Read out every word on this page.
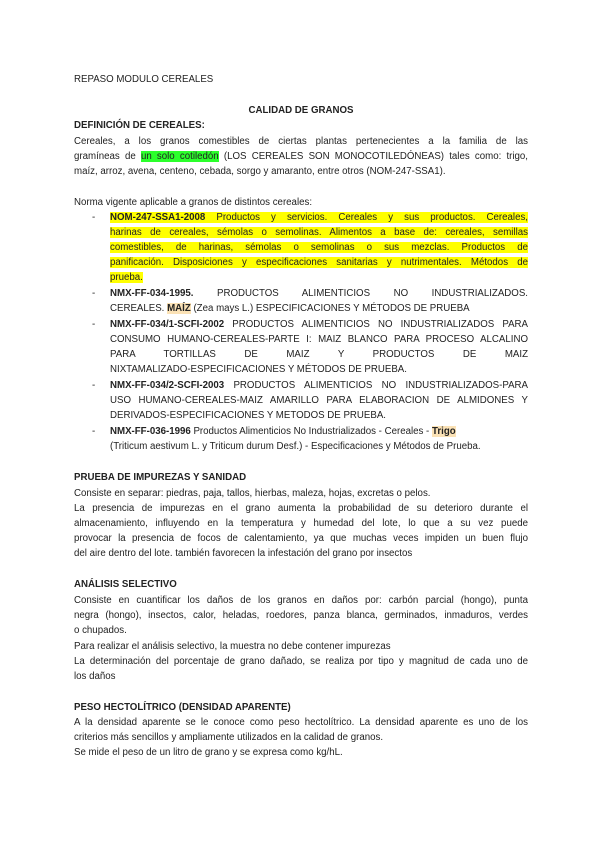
REPASO MODULO CEREALES
CALIDAD DE GRANOS
DEFINICIÓN DE CEREALES:
Cereales, a los granos comestibles de ciertas plantas pertenecientes a la familia de las
gramíneas de un solo cotiledón (LOS CEREALES SON MONOCOTILEDÓNEAS) tales como: trigo,
maíz, arroz, avena, centeno, cebada, sorgo y amaranto, entre otros (NOM-247-SSA1).
Norma vigente aplicable a granos de distintos cereales:
- NOM-247-SSA1-2008 Productos y servicios. Cereales y sus productos. Cereales,
harinas de cereales, sémolas o semolinas. Alimentos a base de: cereales, semillas
comestibles, de harinas, sémolas o semolinas o sus mezclas. Productos de
panificación. Disposiciones y especificaciones sanitarias y nutrimentales. Métodos de
prueba.
- NMX-FF-034-1995. PRODUCTOS ALIMENTICIOS NO INDUSTRIALIZADOS.
CEREALES. MAÍZ (Zea mays L.) ESPECIFICACIONES Y MÉTODOS DE PRUEBA
- NMX-FF-034/1-SCFI-2002 PRODUCTOS ALIMENTICIOS NO INDUSTRIALIZADOS PARA
CONSUMO HUMANO-CEREALES-PARTE I: MAIZ BLANCO PARA PROCESO ALCALINO
PARA TORTILLAS DE MAIZ Y PRODUCTOS DE MAIZ
NIXTAMALIZADO-ESPECIFICACIONES Y MÉTODOS DE PRUEBA.
- NMX-FF-034/2-SCFI-2003 PRODUCTOS ALIMENTICIOS NO INDUSTRIALIZADOS-PARA
USO HUMANO-CEREALES-MAIZ AMARILLO PARA ELABORACION DE ALMIDONES Y
DERIVADOS-ESPECIFICACIONES Y METODOS DE PRUEBA.
- NMX-FF-036-1996 Productos Alimenticios No Industrializados - Cereales - Trigo
(Triticum aestivum L. y Triticum durum Desf.) - Especificaciones y Métodos de Prueba.
PRUEBA DE IMPUREZAS Y SANIDAD
Consiste en separar: piedras, paja, tallos, hierbas, maleza, hojas, excretas o pelos.
La presencia de impurezas en el grano aumenta la probabilidad de su deterioro durante el
almacenamiento, influyendo en la temperatura y humedad del lote, lo que a su vez puede
provocar la presencia de focos de calentamiento, ya que muchas veces impiden un buen flujo
del aire dentro del lote. también favorecen la infestación del grano por insectos
ANÁLISIS SELECTIVO
Consiste en cuantificar los daños de los granos en daños por: carbón parcial (hongo), punta
negra (hongo), insectos, calor, heladas, roedores, panza blanca, germinados, inmaduros, verdes
o chupados.
Para realizar el análisis selectivo, la muestra no debe contener impurezas
La determinación del porcentaje de grano dañado, se realiza por tipo y magnitud de cada uno de
los daños
PESO HECTOLÍTRICO (DENSIDAD APARENTE)
A la densidad aparente se le conoce como peso hectolítrico. La densidad aparente es uno de los
criterios más sencillos y ampliamente utilizados en la calidad de granos.
Se mide el peso de un litro de grano y se expresa como kg/hL.
